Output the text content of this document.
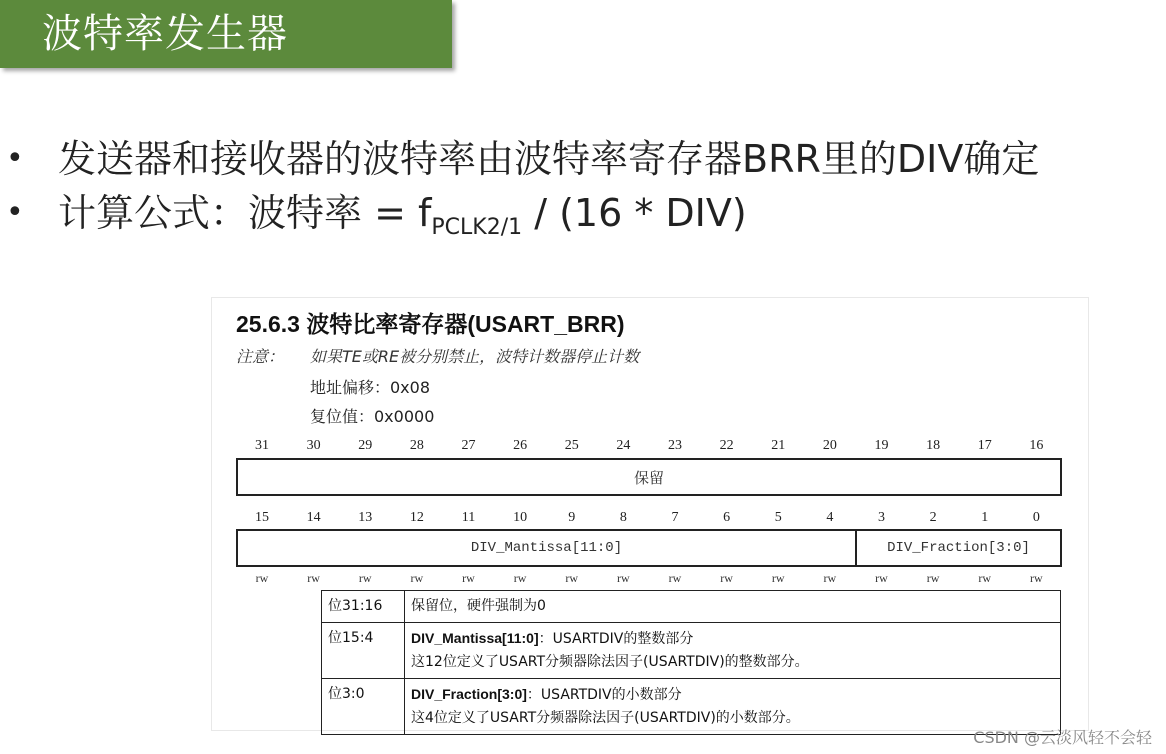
波特率发生器
• 发送器和接收器的波特率由波特率寄存器BRR里的DIV确定
• 计算公式：波特率 = $f_{PCLK2/1} / (16 * DIV)$
25.6.3 波特比率寄存器(USART_BRR)
注意： 如果TE或RE被分别禁止，波特计数器停止计数
地址偏移：0x08
复位值：0x0000
31	30	29	28	27	26	25	24	23	22	21	20	19	18	17	16
保留
15	14	13	12	11	10	9	8	7	6	5	4	3	2	1	0
DIV_Mantissa[11:0]	DIV_Fraction[3:0]
rw	rw	rw	rw	rw	rw	rw	rw	rw	rw	rw	rw	rw	rw	rw	rw
位31:16	保留位，硬件强制为0

位15:4	DIV_Mantissa[11:0]：USARTDIV的整数部分
这12位定义了USART分频器除法因子(USARTDIV)的整数部分。

位3:0	DIV_Fraction[3:0]：USARTDIV的小数部分
这4位定义了USART分频器除法因子(USARTDIV)的小数部分。
CSDN @云淡风轻不会轻
